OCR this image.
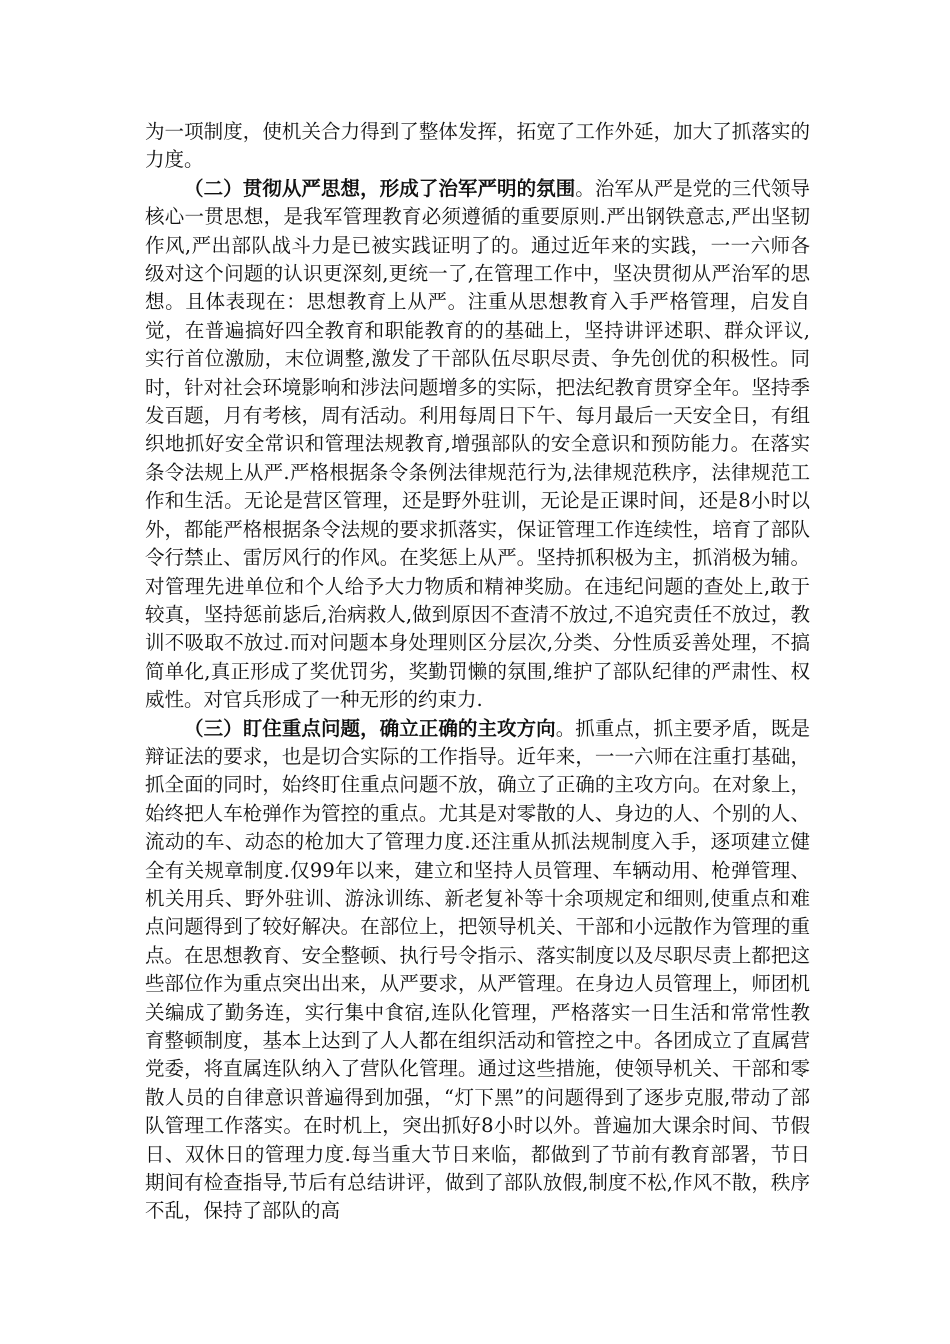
为一项制度，使机关合力得到了整体发挥，拓宽了工作外延，加大了抓落实的力度。

（二）贯彻从严思想，形成了治军严明的氛围。治军从严是党的三代领导核心一贯思想，是我军管理教育必须遵循的重要原则.严出钢铁意志,严出坚韧作风,严出部队战斗力是已被实践证明了的。通过近年来的实践，一一六师各级对这个问题的认识更深刻,更统一了,在管理工作中，坚决贯彻从严治军的思想。且体表现在：思想教育上从严。注重从思想教育入手严格管理，启发自觉，在普遍搞好四全教育和职能教育的的基础上，坚持讲评述职、群众评议,实行首位激励，末位调整,激发了干部队伍尽职尽责、争先创优的积极性。同时，针对社会环境影响和涉法问题增多的实际，把法纪教育贯穿全年。坚持季发百题，月有考核，周有活动。利用每周日下午、每月最后一天安全日，有组织地抓好安全常识和管理法规教育,增强部队的安全意识和预防能力。在落实条令法规上从严.严格根据条令条例法律规范行为,法律规范秩序，法律规范工作和生活。无论是营区管理，还是野外驻训，无论是正课时间，还是8小时以外，都能严格根据条令法规的要求抓落实，保证管理工作连续性，培育了部队令行禁止、雷厉风行的作风。在奖惩上从严。坚持抓积极为主，抓消极为辅。对管理先进单位和个人给予大力物质和精神奖励。在违纪问题的查处上,敢于较真，坚持惩前毖后,治病救人,做到原因不查清不放过,不追究责任不放过，教训不吸取不放过.而对问题本身处理则区分层次,分类、分性质妥善处理，不搞简单化,真正形成了奖优罚劣，奖勤罚懒的氛围,维护了部队纪律的严肃性、权威性。对官兵形成了一种无形的约束力.

（三）盯住重点问题，确立正确的主攻方向。抓重点，抓主要矛盾，既是辩证法的要求，也是切合实际的工作指导。近年来，一一六师在注重打基础，抓全面的同时，始终盯住重点问题不放，确立了正确的主攻方向。在对象上，始终把人车枪弹作为管控的重点。尤其是对零散的人、身边的人、个别的人、流动的车、动态的枪加大了管理力度.还注重从抓法规制度入手，逐项建立健全有关规章制度.仅99年以来，建立和坚持人员管理、车辆动用、枪弹管理、机关用兵、野外驻训、游泳训练、新老复补等十余项规定和细则,使重点和难点问题得到了较好解决。在部位上，把领导机关、干部和小远散作为管理的重点。在思想教育、安全整顿、执行号令指示、落实制度以及尽职尽责上都把这些部位作为重点突出出来，从严要求，从严管理。在身边人员管理上，师团机关编成了勤务连，实行集中食宿,连队化管理，严格落实一日生活和常常性教育整顿制度，基本上达到了人人都在组织活动和管控之中。各团成立了直属营党委，将直属连队纳入了营队化管理。通过这些措施，使领导机关、干部和零散人员的自律意识普遍得到加强，“灯下黑”的问题得到了逐步克服,带动了部队管理工作落实。在时机上，突出抓好8小时以外。普遍加大课余时间、节假日、双休日的管理力度.每当重大节日来临，都做到了节前有教育部署，节日期间有检查指导,节后有总结讲评，做到了部队放假,制度不松,作风不散，秩序不乱，保持了部队的高
